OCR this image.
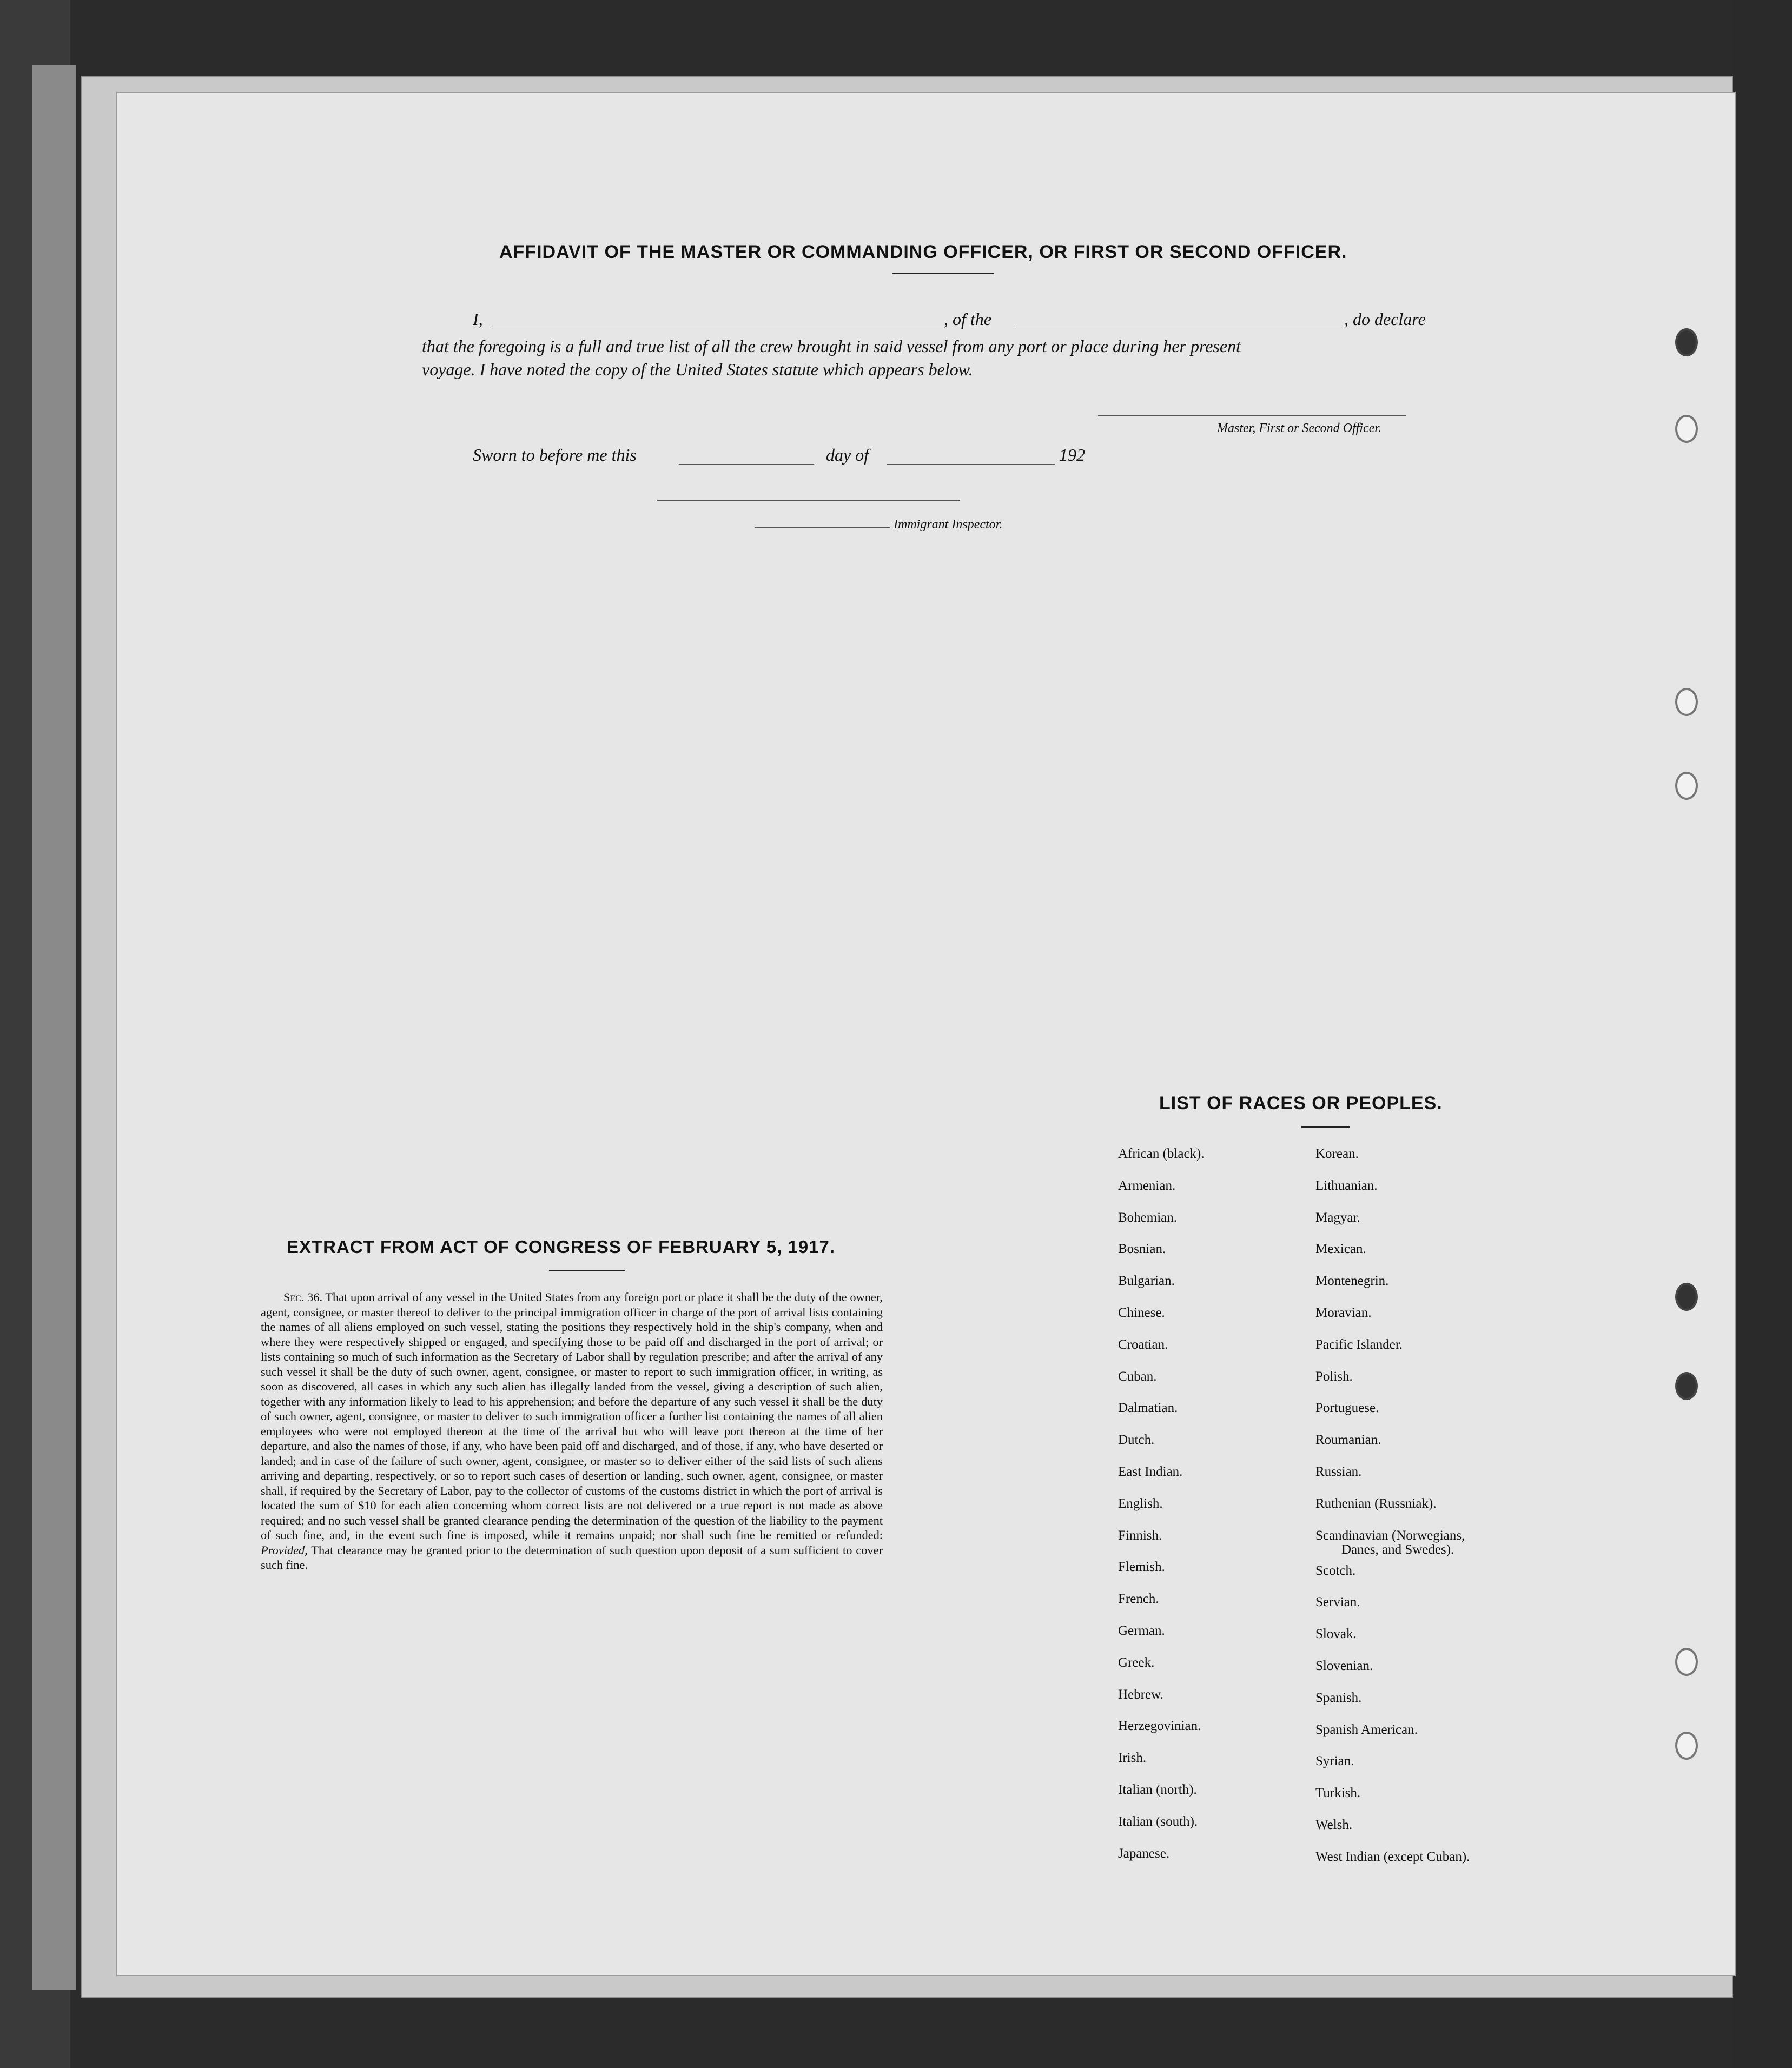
AFFIDAVIT OF THE MASTER OR COMMANDING OFFICER, OR FIRST OR SECOND OFFICER.
I,	, of the	, do declare
that the foregoing is a full and true list of all the crew brought in said vessel from any port or place during her present
voyage. I have noted the copy of the United States statute which appears below.
Master, First or Second Officer.
Sworn to before me this	day of	192
Immigrant Inspector.
LIST OF RACES OR PEOPLES.
African (black).
Armenian.
Bohemian.
Bosnian.
Bulgarian.
Chinese.
Croatian.
Cuban.
Dalmatian.
Dutch.
East Indian.
English.
Finnish.
Flemish.
French.
German.
Greek.
Hebrew.
Herzegovinian.
Irish.
Italian (north).
Italian (south).
Japanese.
Korean.
Lithuanian.
Magyar.
Mexican.
Montenegrin.
Moravian.
Pacific Islander.
Polish.
Portuguese.
Roumanian.
Russian.
Ruthenian (Russniak).
Scandinavian (Norwegians,
Danes, and Swedes).
Scotch.
Servian.
Slovak.
Slovenian.
Spanish.
Spanish American.
Syrian.
Turkish.
Welsh.
West Indian (except Cuban).
EXTRACT FROM ACT OF CONGRESS OF FEBRUARY 5, 1917.
Sec. 36. That upon arrival of any vessel in the United States from any foreign port or place it shall be the duty of the owner, agent, consignee, or master thereof to deliver to the principal immigration officer in charge of the port of arrival lists containing the names of all aliens employed on such vessel, stating the positions they respectively hold in the ship's company, when and where they were respectively shipped or engaged, and specifying those to be paid off and discharged in the port of arrival; or lists containing so much of such information as the Secretary of Labor shall by regulation prescribe; and after the arrival of any such vessel it shall be the duty of such owner, agent, consignee, or master to report to such immigration officer, in writing, as soon as discovered, all cases in which any such alien has illegally landed from the vessel, giving a description of such alien, together with any information likely to lead to his apprehension; and before the departure of any such vessel it shall be the duty of such owner, agent, consignee, or master to deliver to such immigration officer a further list containing the names of all alien employees who were not employed thereon at the time of the arrival but who will leave port thereon at the time of her departure, and also the names of those, if any, who have been paid off and discharged, and of those, if any, who have deserted or landed; and in case of the failure of such owner, agent, consignee, or master so to deliver either of the said lists of such aliens arriving and departing, respectively, or so to report such cases of desertion or landing, such owner, agent, consignee, or master shall, if required by the Secretary of Labor, pay to the collector of customs of the customs district in which the port of arrival is located the sum of $10 for each alien concerning whom correct lists are not delivered or a true report is not made as above required; and no such vessel shall be granted clearance pending the determination of the question of the liability to the payment of such fine, and, in the event such fine is imposed, while it remains unpaid; nor shall such fine be remitted or refunded: Provided, That clearance may be granted prior to the determination of such question upon deposit of a sum sufficient to cover such fine.
